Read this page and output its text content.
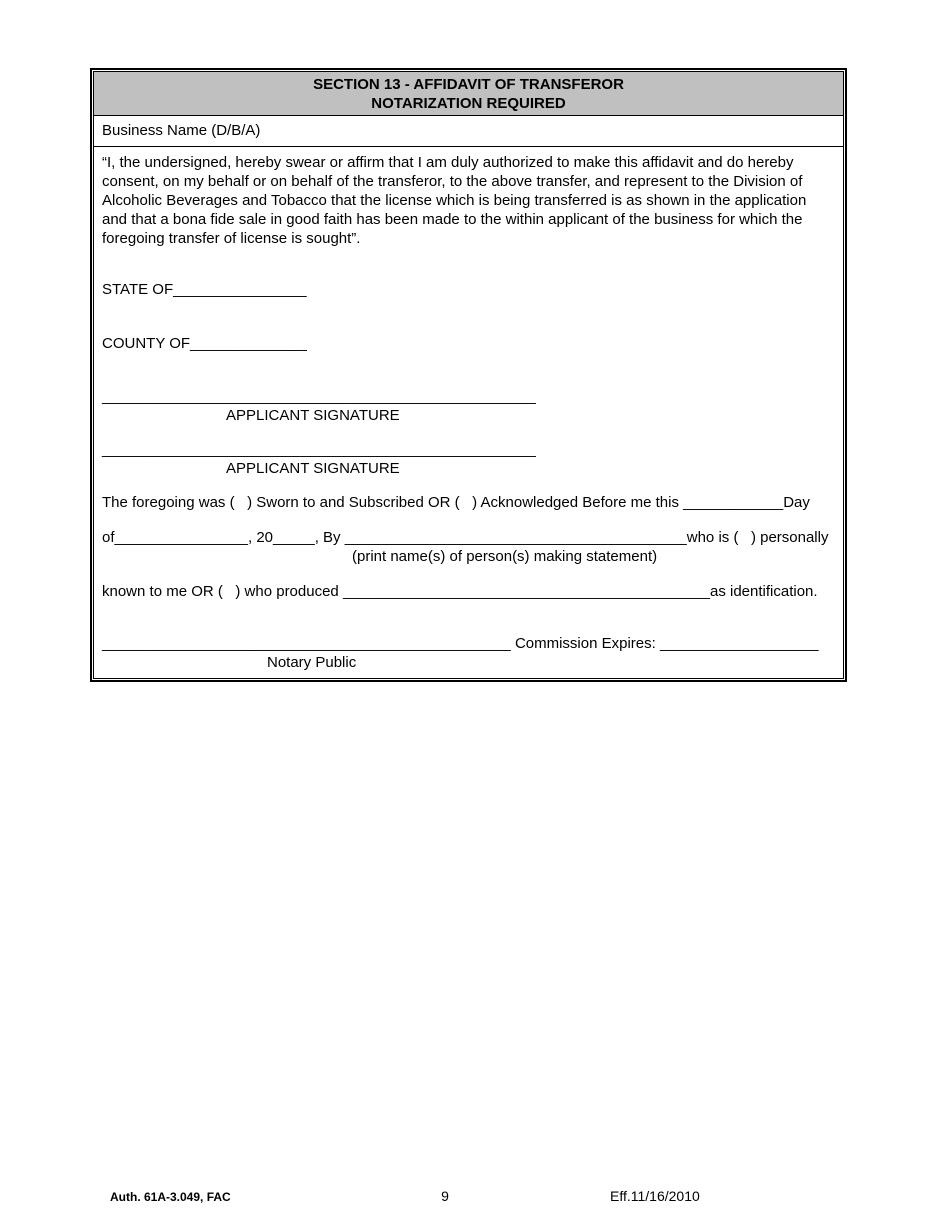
SECTION 13 - AFFIDAVIT OF TRANSFEROR
NOTARIZATION REQUIRED
Business Name (D/B/A)
“I, the undersigned, hereby swear or affirm that I am duly authorized to make this affidavit and do hereby consent, on my behalf or on behalf of the transferor, to the above transfer, and represent to the Division of Alcoholic Beverages and Tobacco that the license which is being transferred is as shown in the application and that a bona fide sale in good faith has been made to the within applicant of the business for which the foregoing transfer of license is sought”.
STATE OF________________
COUNTY OF______________
____________________________________________________
APPLICANT SIGNATURE
____________________________________________________
APPLICANT SIGNATURE
The foregoing was (   ) Sworn to and Subscribed OR (   ) Acknowledged Before me this ____________Day
of________________, 20_____, By _________________________________________who is (   ) personally
(print name(s) of person(s) making statement)
known to me OR (   ) who produced ____________________________________________as identification.
_________________________________________________ Commission Expires: ___________________
Notary Public
Auth. 61A-3.049, FAC	9	Eff.11/16/2010
